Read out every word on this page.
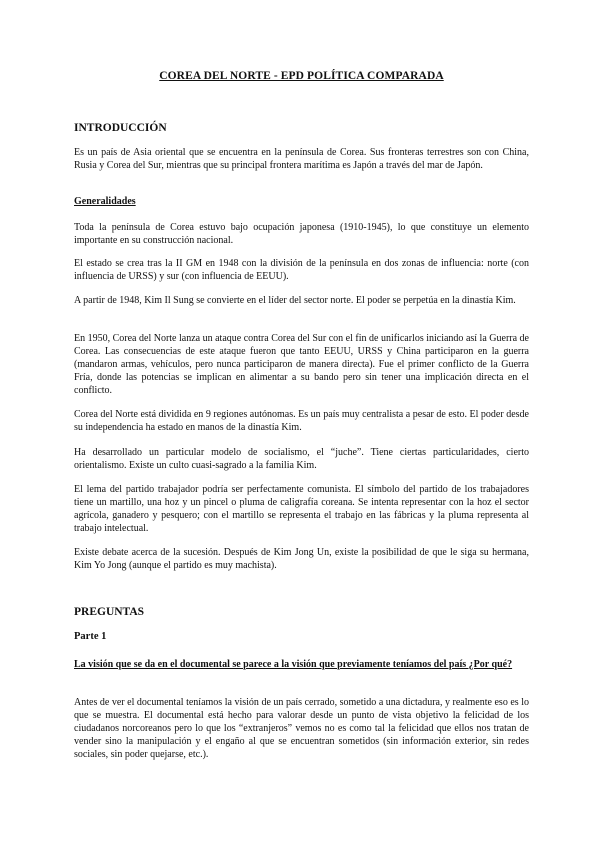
COREA DEL NORTE - EPD POLÍTICA COMPARADA
INTRODUCCIÓN
Es un país de Asia oriental que se encuentra en la península de Corea. Sus fronteras terrestres son con China, Rusia y Corea del Sur, mientras que su principal frontera marítima es Japón a través del mar de Japón.
Generalidades
Toda la península de Corea estuvo bajo ocupación japonesa (1910-1945), lo que constituye un elemento importante en su construcción nacional.
El estado se crea tras la II GM en 1948 con la división de la península en dos zonas de influencia: norte (con influencia de URSS) y sur (con influencia de EEUU).
A partir de 1948, Kim Il Sung se convierte en el líder del sector norte. El poder se perpetúa en la dinastía Kim.
En 1950, Corea del Norte lanza un ataque contra Corea del Sur con el fin de unificarlos iniciando así la Guerra de Corea. Las consecuencias de este ataque fueron que tanto EEUU, URSS y China participaron en la guerra (mandaron armas, vehículos, pero nunca participaron de manera directa). Fue el primer conflicto de la Guerra Fría, donde las potencias se implican en alimentar a su bando pero sin tener una implicación directa en el conflicto.
Corea del Norte está dividida en 9 regiones autónomas. Es un país muy centralista a pesar de esto. El poder desde su independencia ha estado en manos de la dinastía Kim.
Ha desarrollado un particular modelo de socialismo, el “juche”. Tiene ciertas particularidades, cierto orientalismo. Existe un culto cuasi-sagrado a la familia Kim.
El lema del partido trabajador podría ser perfectamente comunista. El símbolo del partido de los trabajadores tiene un martillo, una hoz y un pincel o pluma de caligrafía coreana. Se intenta representar con la hoz el sector agrícola, ganadero y pesquero; con el martillo se representa el trabajo en las fábricas y la pluma representa al trabajo intelectual.
Existe debate acerca de la sucesión. Después de Kim Jong Un, existe la posibilidad de que le siga su hermana, Kim Yo Jong (aunque el partido es muy machista).
PREGUNTAS
Parte 1
La visión que se da en el documental se parece a la visión que previamente teníamos del país ¿Por qué?
Antes de ver el documental teníamos la visión de un país cerrado, sometido a una dictadura, y realmente eso es lo que se muestra. El documental está hecho para valorar desde un punto de vista objetivo la felicidad de los ciudadanos norcoreanos pero lo que los “extranjeros” vemos no es como tal la felicidad que ellos nos tratan de vender sino la manipulación y el engaño al que se encuentran sometidos (sin información exterior, sin redes sociales, sin poder quejarse, etc.).
